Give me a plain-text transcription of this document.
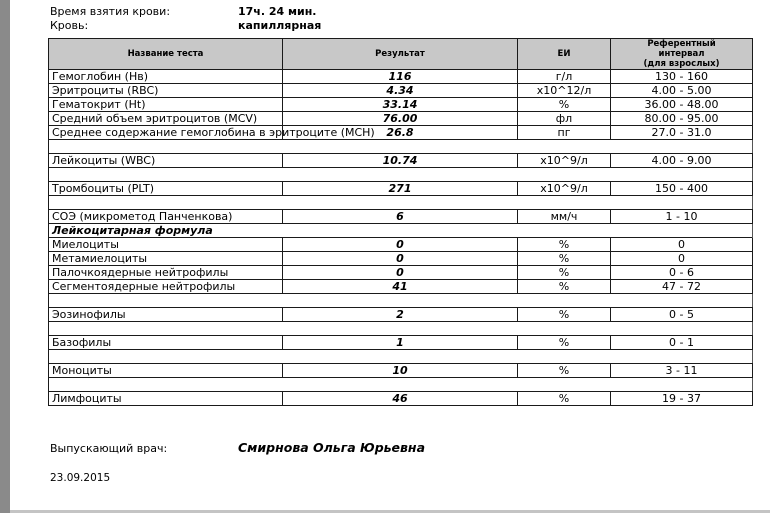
Время взятия крови:	17ч. 24 мин.
Кровь:	капиллярная
Название теста	Результат	ЕИ	Референтный
интервал
(для взрослых)

Гемоглобин (Нв)	116	г/л	130 - 160
Эритроциты (RBC)	4.34	х10^12/л	4.00 - 5.00
Гематокрит (Ht)	33.14	%	36.00 - 48.00
Средний объем эритроцитов (MCV)	76.00	фл	80.00 - 95.00
Среднее содержание гемоглобина в эритроците (MCH)	26.8	пг	27.0 - 31.0

Лейкоциты (WBC)	10.74	х10^9/л	4.00 - 9.00

Тромбоциты (PLT)	271	х10^9/л	150 - 400

СОЭ (микрометод Панченкова)	6	мм/ч	1 - 10
Лейкоцитарная формула			
Миелоциты	0	%	0
Метамиелоциты	0	%	0
Палочкоядерные нейтрофилы	0	%	0 - 6
Сегментоядерные нейтрофилы	41	%	47 - 72

Эозинофилы	2	%	0 - 5

Базофилы	1	%	0 - 1

Моноциты	10	%	3 - 11

Лимфоциты	46	%	19 - 37
Выпускающий врач:	Смирнова Ольга Юрьевна
23.09.2015
